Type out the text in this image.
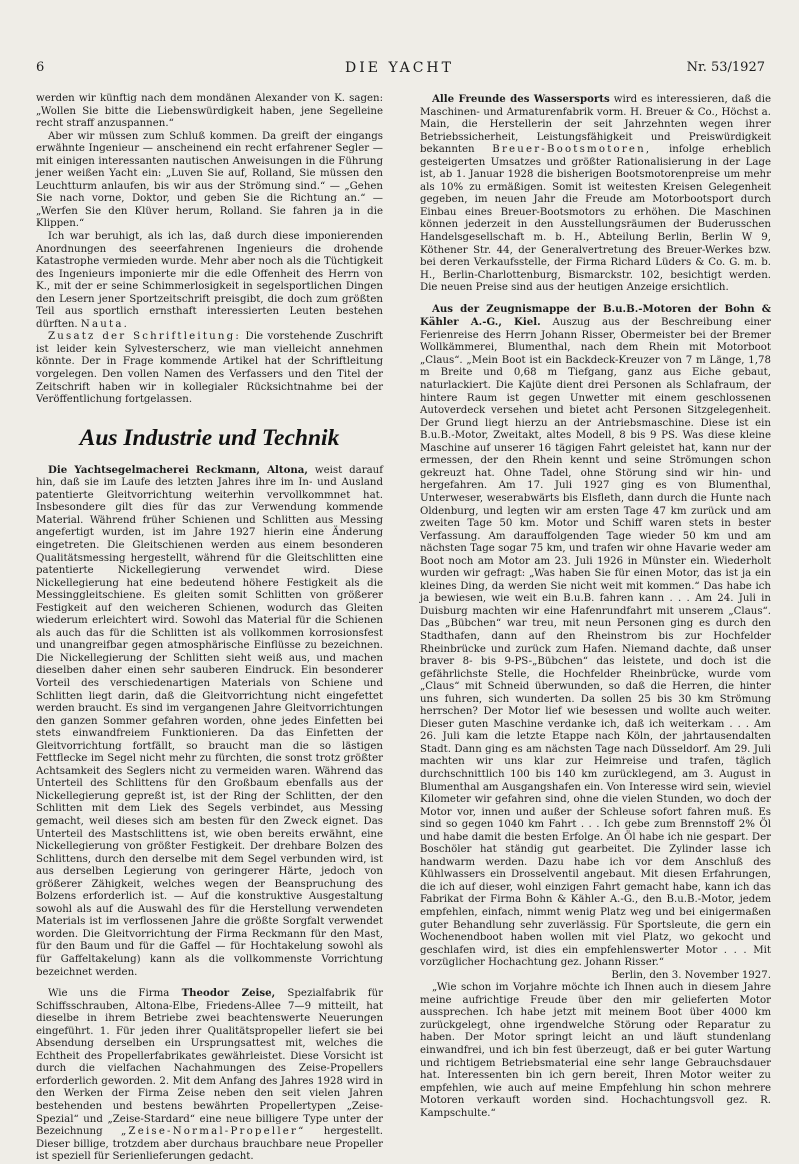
6	DIE YACHT	Nr. 53/1927

werden wir künftig nach dem mondänen Alexander von K. sagen: „Wollen Sie bitte die Liebenswürdigkeit haben, jene Segelleine recht straff anzuspannen.“

Aber wir müssen zum Schluß kommen. Da greift der eingangs erwähnte Ingenieur — anscheinend ein recht erfahrener Segler — mit einigen interessanten nautischen Anweisungen in die Führung jener weißen Yacht ein: „Luven Sie auf, Rolland, Sie müssen den Leuchtturm anlaufen, bis wir aus der Strömung sind.“ — „Gehen Sie nach vorne, Doktor, und geben Sie die Richtung an.“ — „Werfen Sie den Klüver herum, Rolland. Sie fahren ja in die Klippen.“

Ich war beruhigt, als ich las, daß durch diese imponierenden Anordnungen des seeerfahrenen Ingenieurs die drohende Katastrophe vermieden wurde. Mehr aber noch als die Tüchtigkeit des Ingenieurs imponierte mir die edle Offenheit des Herrn von K., mit der er seine Schimmerlosigkeit in segelsportlichen Dingen den Lesern jener Sportzeitschrift preisgibt, die doch zum größten Teil aus sportlich ernsthaft interessierten Leuten bestehen dürften. Nauta.

Zusatz der Schriftleitung: Die vorstehende Zuschrift ist leider kein Sylvesterscherz, wie man vielleicht annehmen könnte. Der in Frage kommende Artikel hat der Schriftleitung vorgelegen. Den vollen Namen des Verfassers und den Titel der Zeitschrift haben wir in kollegialer Rücksichtnahme bei der Veröffentlichung fortgelassen.

Aus Industrie und Technik

Die Yachtsegelmacherei Reckmann, Altona, weist darauf hin, daß sie im Laufe des letzten Jahres ihre im In- und Ausland patentierte Gleitvorrichtung weiterhin vervollkommnet hat. Insbesondere gilt dies für das zur Verwendung kommende Material. Während früher Schienen und Schlitten aus Messing angefertigt wurden, ist im Jahre 1927 hierin eine Änderung eingetreten. Die Gleitschienen werden aus einem besonderen Qualitätsmessing hergestellt, während für die Gleitschlitten eine patentierte Nickellegierung verwendet wird. Diese Nickellegierung hat eine bedeutend höhere Festigkeit als die Messinggleitschiene. Es gleiten somit Schlitten von größerer Festigkeit auf den weicheren Schienen, wodurch das Gleiten wiederum erleichtert wird. Sowohl das Material für die Schienen als auch das für die Schlitten ist als vollkommen korrosionsfest und unangreifbar gegen atmosphärische Einflüsse zu bezeichnen. Die Nickellegierung der Schlitten sieht weiß aus, und machen dieselben daher einen sehr sauberen Eindruck. Ein besonderer Vorteil des verschiedenartigen Materials von Schiene und Schlitten liegt darin, daß die Gleitvorrichtung nicht eingefettet werden braucht. Es sind im vergangenen Jahre Gleitvorrichtungen den ganzen Sommer gefahren worden, ohne jedes Einfetten bei stets einwandfreiem Funktionieren. Da das Einfetten der Gleitvorrichtung fortfällt, so braucht man die so lästigen Fettflecke im Segel nicht mehr zu fürchten, die sonst trotz größter Achtsamkeit des Seglers nicht zu vermeiden waren. Während das Unterteil des Schlittens für den Großbaum ebenfalls aus der Nickellegierung gepreßt ist, ist der Ring der Schlitten, der den Schlitten mit dem Liek des Segels verbindet, aus Messing gemacht, weil dieses sich am besten für den Zweck eignet. Das Unterteil des Mastschlittens ist, wie oben bereits erwähnt, eine Nickellegierung von größter Festigkeit. Der drehbare Bolzen des Schlittens, durch den derselbe mit dem Segel verbunden wird, ist aus derselben Legierung von geringerer Härte, jedoch von größerer Zähigkeit, welches wegen der Beanspruchung des Bolzens erforderlich ist. — Auf die konstruktive Ausgestaltung sowohl als auf die Auswahl des für die Herstellung verwendeten Materials ist im verflossenen Jahre die größte Sorgfalt verwendet worden. Die Gleitvorrichtung der Firma Reckmann für den Mast, für den Baum und für die Gaffel — für Hochtakelung sowohl als für Gaffeltakelung) kann als die vollkommenste Vorrichtung bezeichnet werden.

Wie uns die Firma Theodor Zeise, Spezialfabrik für Schiffsschrauben, Altona-Elbe, Friedens-Allee 7—9 mitteilt, hat dieselbe in ihrem Betriebe zwei beachtenswerte Neuerungen eingeführt. 1. Für jeden ihrer Qualitätspropeller liefert sie bei Absendung derselben ein Ursprungsattest mit, welches die Echtheit des Propellerfabrikates gewährleistet. Diese Vorsicht ist durch die vielfachen Nachahmungen des Zeise-Propellers erforderlich geworden. 2. Mit dem Anfang des Jahres 1928 wird in den Werken der Firma Zeise neben den seit vielen Jahren bestehenden und bestens bewährten Propellertypen „Zeise-Spezial“ und „Zeise-Stardard“ eine neue billigere Type unter der Bezeichnung „Zeise-Normal-Propeller“ hergestellt. Dieser billige, trotzdem aber durchaus brauchbare neue Propeller ist speziell für Serienlieferungen gedacht.

Alle Freunde des Wassersports wird es interessieren, daß die Maschinen- und Armaturenfabrik vorm. H. Breuer & Co., Höchst a. Main, die Herstellerin der seit Jahrzehnten wegen ihrer Betriebssicherheit, Leistungsfähigkeit und Preiswürdigkeit bekannten Breuer-Bootsmotoren, infolge erheblich gesteigerten Umsatzes und größter Rationalisierung in der Lage ist, ab 1. Januar 1928 die bisherigen Bootsmotorenpreise um mehr als 10% zu ermäßigen. Somit ist weitesten Kreisen Gelegenheit gegeben, im neuen Jahr die Freude am Motorbootsport durch Einbau eines Breuer-Bootsmotors zu erhöhen. Die Maschinen können jederzeit in den Ausstellungsräumen der Buderusschen Handelsgesellschaft m. b. H., Abteilung Berlin, Berlin W 9, Köthener Str. 44, der Generalvertretung des Breuer-Werkes bzw. bei deren Verkaufsstelle, der Firma Richard Lüders & Co. G. m. b. H., Berlin-Charlottenburg, Bismarckstr. 102, besichtigt werden. Die neuen Preise sind aus der heutigen Anzeige ersichtlich.

Aus der Zeugnismappe der B.u.B.-Motoren der Bohn & Kähler A.-G., Kiel. Auszug aus der Beschreibung einer Ferienreise des Herrn Johann Risser, Obermeister bei der Bremer Wollkämmerei, Blumenthal, nach dem Rhein mit Motorboot „Claus“. „Mein Boot ist ein Backdeck-Kreuzer von 7 m Länge, 1,78 m Breite und 0,68 m Tiefgang, ganz aus Eiche gebaut, naturlackiert. Die Kajüte dient drei Personen als Schlafraum, der hintere Raum ist gegen Unwetter mit einem geschlossenen Autoverdeck versehen und bietet acht Personen Sitzgelegenheit. Der Grund liegt hierzu an der Antriebsmaschine. Diese ist ein B.u.B.-Motor, Zweitakt, altes Modell, 8 bis 9 PS. Was diese kleine Maschine auf unserer 16 tägigen Fahrt geleistet hat, kann nur der ermessen, der den Rhein kennt und seine Strömungen schon gekreuzt hat. Ohne Tadel, ohne Störung sind wir hin- und hergefahren. Am 17. Juli 1927 ging es von Blumenthal, Unterweser, weserabwärts bis Elsfleth, dann durch die Hunte nach Oldenburg, und legten wir am ersten Tage 47 km zurück und am zweiten Tage 50 km. Motor und Schiff waren stets in bester Verfassung. Am darauffolgenden Tage wieder 50 km und am nächsten Tage sogar 75 km, und trafen wir ohne Havarie weder am Boot noch am Motor am 23. Juli 1926 in Münster ein. Wiederholt wurden wir gefragt: „Was haben Sie für einen Motor, das ist ja ein kleines Ding, da werden Sie nicht weit mit kommen.“ Das habe ich ja bewiesen, wie weit ein B.u.B. fahren kann . . . Am 24. Juli in Duisburg machten wir eine Hafenrundfahrt mit unserem „Claus“. Das „Bübchen“ war treu, mit neun Personen ging es durch den Stadthafen, dann auf den Rheinstrom bis zur Hochfelder Rheinbrücke und zurück zum Hafen. Niemand dachte, daß unser braver 8- bis 9-PS-„Bübchen“ das leistete, und doch ist die gefährlichste Stelle, die Hochfelder Rheinbrücke, wurde vom „Claus“ mit Schneid überwunden, so daß die Herren, die hinter uns fuhren, sich wunderten. Da sollen 25 bis 30 km Strömung herrschen? Der Motor lief wie besessen und wollte auch weiter. Dieser guten Maschine verdanke ich, daß ich weiterkam . . . Am 26. Juli kam die letzte Etappe nach Köln, der jahrtausendalten Stadt. Dann ging es am nächsten Tage nach Düsseldorf. Am 29. Juli machten wir uns klar zur Heimreise und trafen, täglich durchschnittlich 100 bis 140 km zurücklegend, am 3. August in Blumenthal am Ausgangshafen ein. Von Interesse wird sein, wieviel Kilometer wir gefahren sind, ohne die vielen Stunden, wo doch der Motor vor, innen und außer der Schleuse sofort fahren muß. Es sind so gegen 1040 km Fahrt . . . Ich gebe zum Brennstoff 2% Öl und habe damit die besten Erfolge. An Öl habe ich nie gespart. Der Boschöler hat ständig gut gearbeitet. Die Zylinder lasse ich handwarm werden. Dazu habe ich vor dem Anschluß des Kühlwassers ein Drosselventil angebaut. Mit diesen Erfahrungen, die ich auf dieser, wohl einzigen Fahrt gemacht habe, kann ich das Fabrikat der Firma Bohn & Kähler A.-G., den B.u.B.-Motor, jedem empfehlen, einfach, nimmt wenig Platz weg und bei einigermaßen guter Behandlung sehr zuverlässig. Für Sportsleute, die gern ein Wochenendboot haben wollen mit viel Platz, wo gekocht und geschlafen wird, ist dies ein empfehlenswerter Motor . . . Mit vorzüglicher Hochachtung gez. Johann Risser.“

Berlin, den 3. November 1927.

„Wie schon im Vorjahre möchte ich Ihnen auch in diesem Jahre meine aufrichtige Freude über den mir gelieferten Motor aussprechen. Ich habe jetzt mit meinem Boot über 4000 km zurückgelegt, ohne irgendwelche Störung oder Reparatur zu haben. Der Motor springt leicht an und läuft stundenlang einwandfrei, und ich bin fest überzeugt, daß er bei guter Wartung und richtigem Betriebsmaterial eine sehr lange Gebrauchsdauer hat. Interessenten bin ich gern bereit, Ihren Motor weiter zu empfehlen, wie auch auf meine Empfehlung hin schon mehrere Motoren verkauft worden sind. Hochachtungsvoll gez. R. Kampschulte.“
